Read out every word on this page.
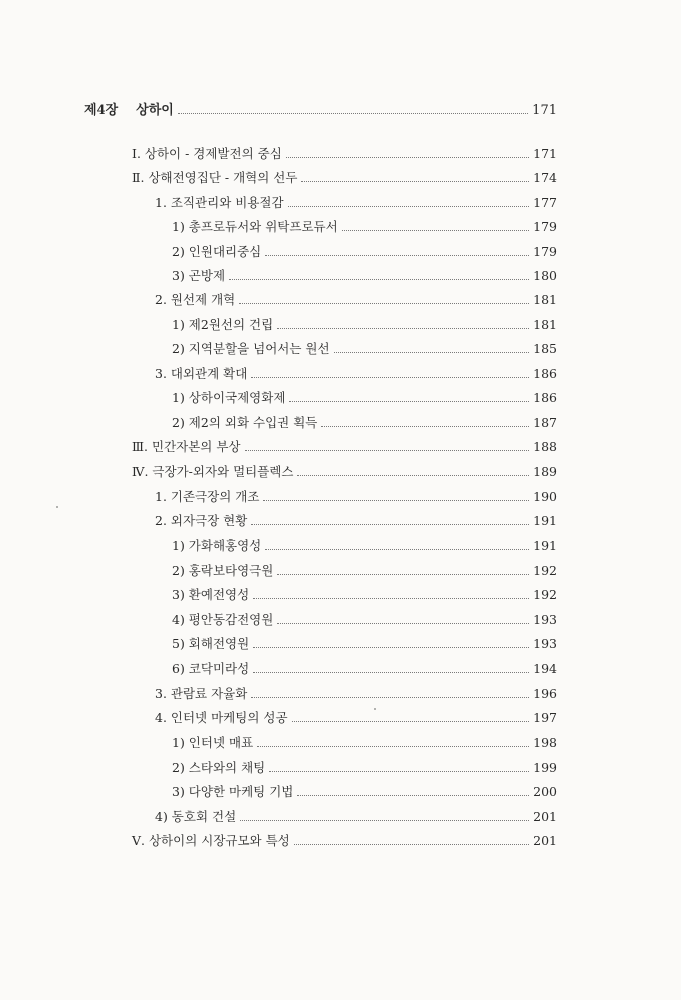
제4장 상하이	171
Ⅰ. 상하이 - 경제발전의 중심	171
Ⅱ. 상해전영집단 - 개혁의 선두	174
1. 조직관리와 비용절감	177
1) 총프로듀서와 위탁프로듀서	179
2) 인원대리중심	179
3) 곤방제	180
2. 원선제 개혁	181
1) 제2원선의 건립	181
2) 지역분할을 넘어서는 원선	185
3. 대외관계 확대	186
1) 상하이국제영화제	186
2) 제2의 외화 수입권 획득	187
Ⅲ. 민간자본의 부상	188
Ⅳ. 극장가-외자와 멀티플렉스	189
1. 기존극장의 개조	190
2. 외자극장 현황	191
1) 가화해홍영성	191
2) 홍락보타영극원	192
3) 환예전영성	192
4) 평안동감전영원	193
5) 회해전영원	193
6) 코닥미라성	194
3. 관람료 자율화	196
4. 인터넷 마케팅의 성공	197
1) 인터넷 매표	198
2) 스타와의 채팅	199
3) 다양한 마케팅 기법	200
4) 동호회 건설	201
Ⅴ. 상하이의 시장규모와 특성	201
